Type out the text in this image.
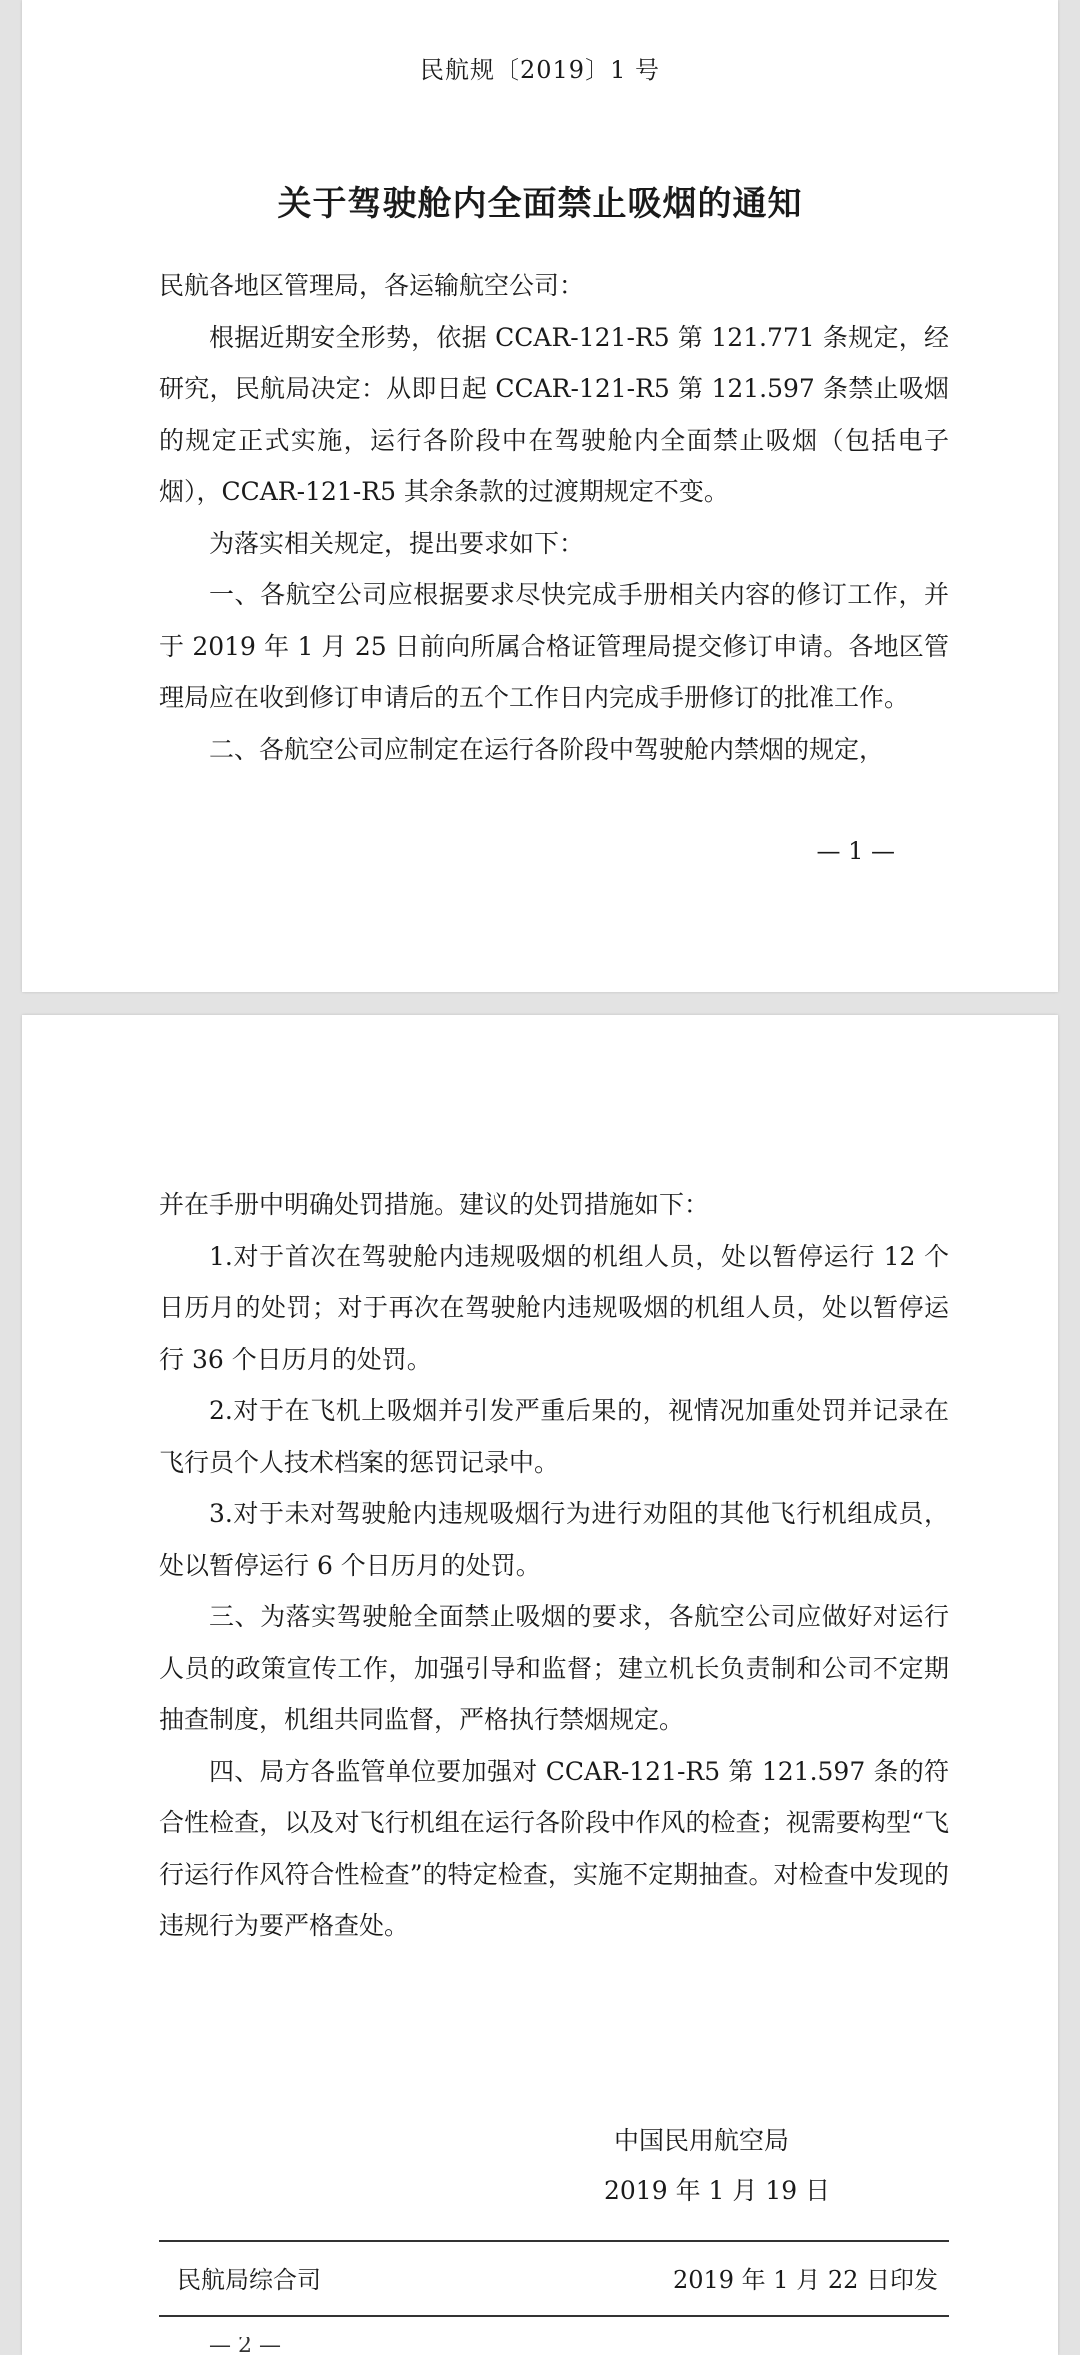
民航规〔2019〕1 号
关于驾驶舱内全面禁止吸烟的通知

民航各地区管理局，各运输航空公司：

根据近期安全形势，依据 CCAR-121-R5 第 121.771 条规定，经研究，民航局决定：从即日起 CCAR-121-R5 第 121.597 条禁止吸烟的规定正式实施，运行各阶段中在驾驶舱内全面禁止吸烟（包括电子烟），CCAR-121-R5 其余条款的过渡期规定不变。

为落实相关规定，提出要求如下：

一、各航空公司应根据要求尽快完成手册相关内容的修订工作，并于 2019 年 1 月 25 日前向所属合格证管理局提交修订申请。各地区管理局应在收到修订申请后的五个工作日内完成手册修订的批准工作。

二、各航空公司应制定在运行各阶段中驾驶舱内禁烟的规定，

— 1 —

并在手册中明确处罚措施。建议的处罚措施如下：

1.对于首次在驾驶舱内违规吸烟的机组人员，处以暂停运行 12 个日历月的处罚；对于再次在驾驶舱内违规吸烟的机组人员，处以暂停运行 36 个日历月的处罚。

2.对于在飞机上吸烟并引发严重后果的，视情况加重处罚并记录在飞行员个人技术档案的惩罚记录中。

3.对于未对驾驶舱内违规吸烟行为进行劝阻的其他飞行机组成员，处以暂停运行 6 个日历月的处罚。

三、为落实驾驶舱全面禁止吸烟的要求，各航空公司应做好对运行人员的政策宣传工作，加强引导和监督；建立机长负责制和公司不定期抽查制度，机组共同监督，严格执行禁烟规定。

四、局方各监管单位要加强对 CCAR-121-R5 第 121.597 条的符合性检查，以及对飞行机组在运行各阶段中作风的检查；视需要构型“飞行运行作风符合性检查”的特定检查，实施不定期抽查。对检查中发现的违规行为要严格查处。

中国民用航空局
2019 年 1 月 19 日
民航局综合司	2019 年 1 月 22 日印发
— 2 —
